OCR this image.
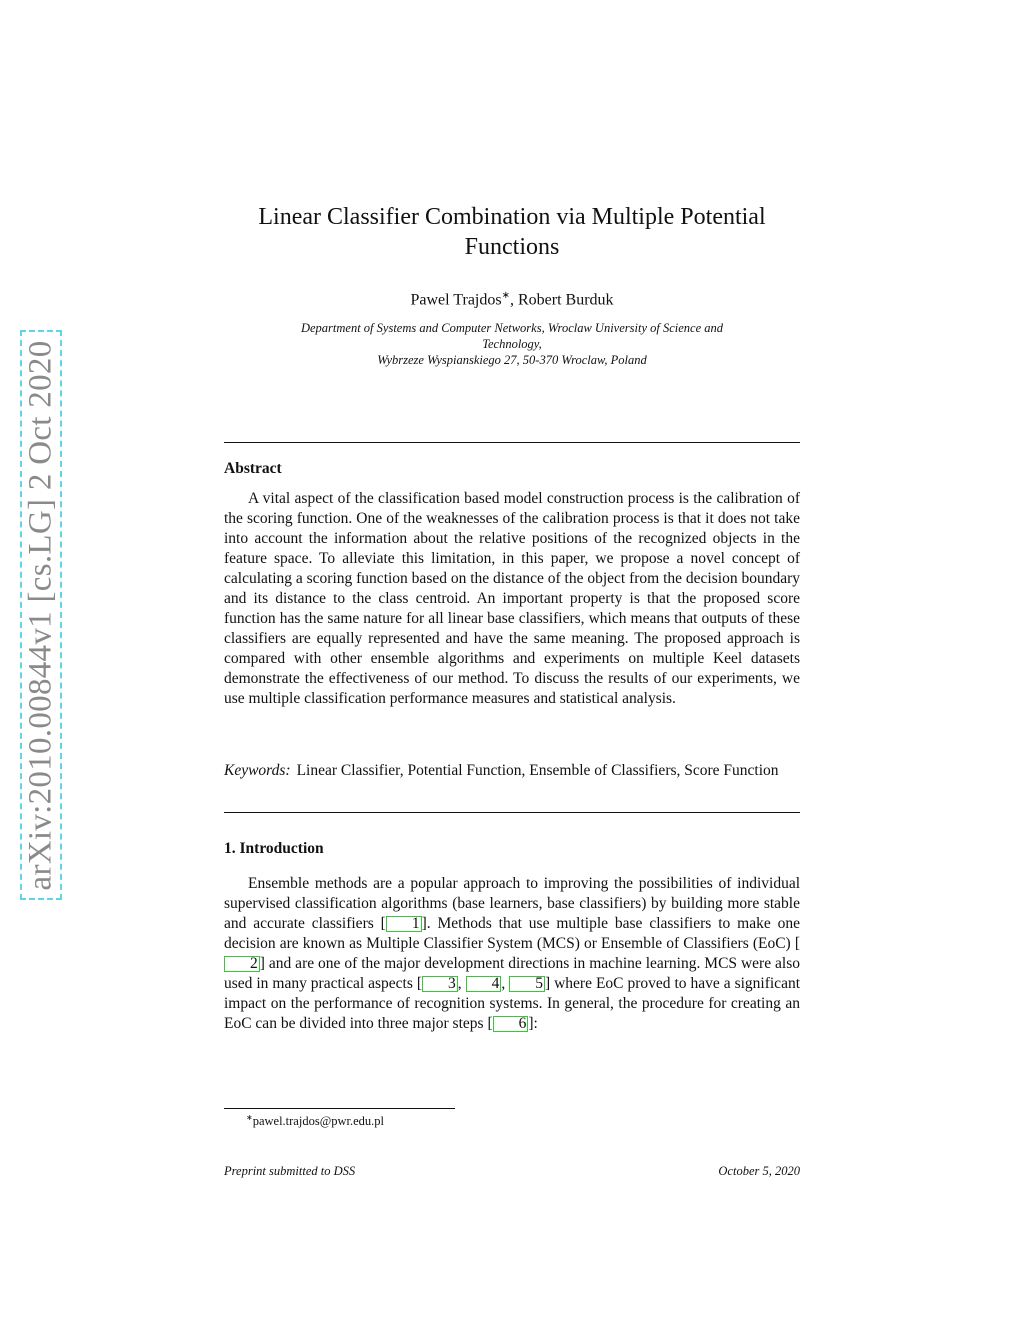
arXiv:2010.00844v1 [cs.LG] 2 Oct 2020
Linear Classifier Combination via Multiple Potential
Functions
Pawel Trajdos∗, Robert Burduk
Department of Systems and Computer Networks, Wroclaw University of Science and
Technology,
Wybrzeze Wyspianskiego 27, 50-370 Wroclaw, Poland
Abstract

A vital aspect of the classification based model construction process is the calibration of the scoring function. One of the weaknesses of the calibration process is that it does not take into account the information about the relative positions of the recognized objects in the feature space. To alleviate this limitation, in this paper, we propose a novel concept of calculating a scoring function based on the distance of the object from the decision boundary and its distance to the class centroid. An important property is that the proposed score function has the same nature for all linear base classifiers, which means that outputs of these classifiers are equally represented and have the same meaning. The proposed approach is compared with other ensemble algorithms and experiments on multiple Keel datasets demonstrate the effectiveness of our method. To discuss the results of our experiments, we use multiple classification performance measures and statistical analysis.

Keywords: Linear Classifier, Potential Function, Ensemble of Classifiers, Score Function
1. Introduction

Ensemble methods are a popular approach to improving the possibilities of individual supervised classification algorithms (base learners, base classifiers) by building more stable and accurate classifiers [ 1 ]. Methods that use multiple base classifiers to make one decision are known as Multiple Classifier System (MCS) or Ensemble of Classifiers (EoC) [2 ] and are one of the major development directions in machine learning. MCS were also used in many practical aspects [ 3 , 4 , 5 ] where EoC proved to have a significant impact on the performance of recognition systems. In general, the procedure for creating an EoC can be divided into three major steps [ 6 ]:

∗pawel.trajdos@pwr.edu.pl
Preprint submitted to DSS	October 5, 2020
